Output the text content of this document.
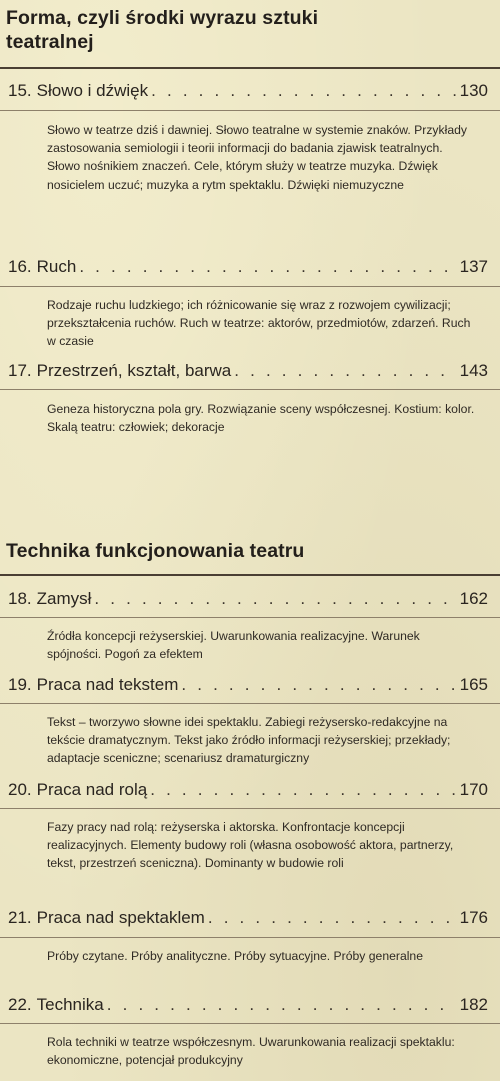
Forma, czyli środki wyrazu sztuki
teatralnej
15. Słowo i dźwięk . . .	130

Słowo w teatrze dziś i dawniej. Słowo teatralne w systemie znaków. Przykłady zastosowania semiologii i teorii informacji do badania zjawisk teatralnych. Słowo nośnikiem znaczeń. Cele, którym służy w teatrze muzyka. Dźwięk nosicielem uczuć; muzyka a rytm spektaklu. Dźwięki niemuzyczne

16. Ruch . . .	137

Rodzaje ruchu ludzkiego; ich różnicowanie się wraz z rozwojem cywilizacji; przekształcenia ruchów. Ruch w teatrze: aktorów, przedmiotów, zdarzeń. Ruch w czasie

17. Przestrzeń, kształt, barwa . . .	143

Geneza historyczna pola gry. Rozwiązanie sceny współczesnej. Kostium: kolor. Skalą teatru: człowiek; dekoracje

Technika funkcjonowania teatru
18. Zamysł . . .	162

Źródła koncepcji reżyserskiej. Uwarunkowania realizacyjne. Warunek spójności. Pogoń za efektem

19. Praca nad tekstem . . .	165

Tekst – tworzywo słowne idei spektaklu. Zabiegi reżysersko-redakcyjne na tekście dramatycznym. Tekst jako źródło informacji reżyserskiej; przekłady; adaptacje sceniczne; scenariusz dramaturgiczny

20. Praca nad rolą . . .	170

Fazy pracy nad rolą: reżyserska i aktorska. Konfrontacje koncepcji realizacyjnych. Elementy budowy roli (własna osobowość aktora, partnerzy, tekst, przestrzeń sceniczna). Dominanty w budowie roli

21. Praca nad spektaklem . . .	176

Próby czytane. Próby analityczne. Próby sytuacyjne. Próby generalne

22. Technika . . .	182

Rola techniki w teatrze współczesnym. Uwarunkowania realizacji spektaklu: ekonomiczne, potencjał produkcyjny
